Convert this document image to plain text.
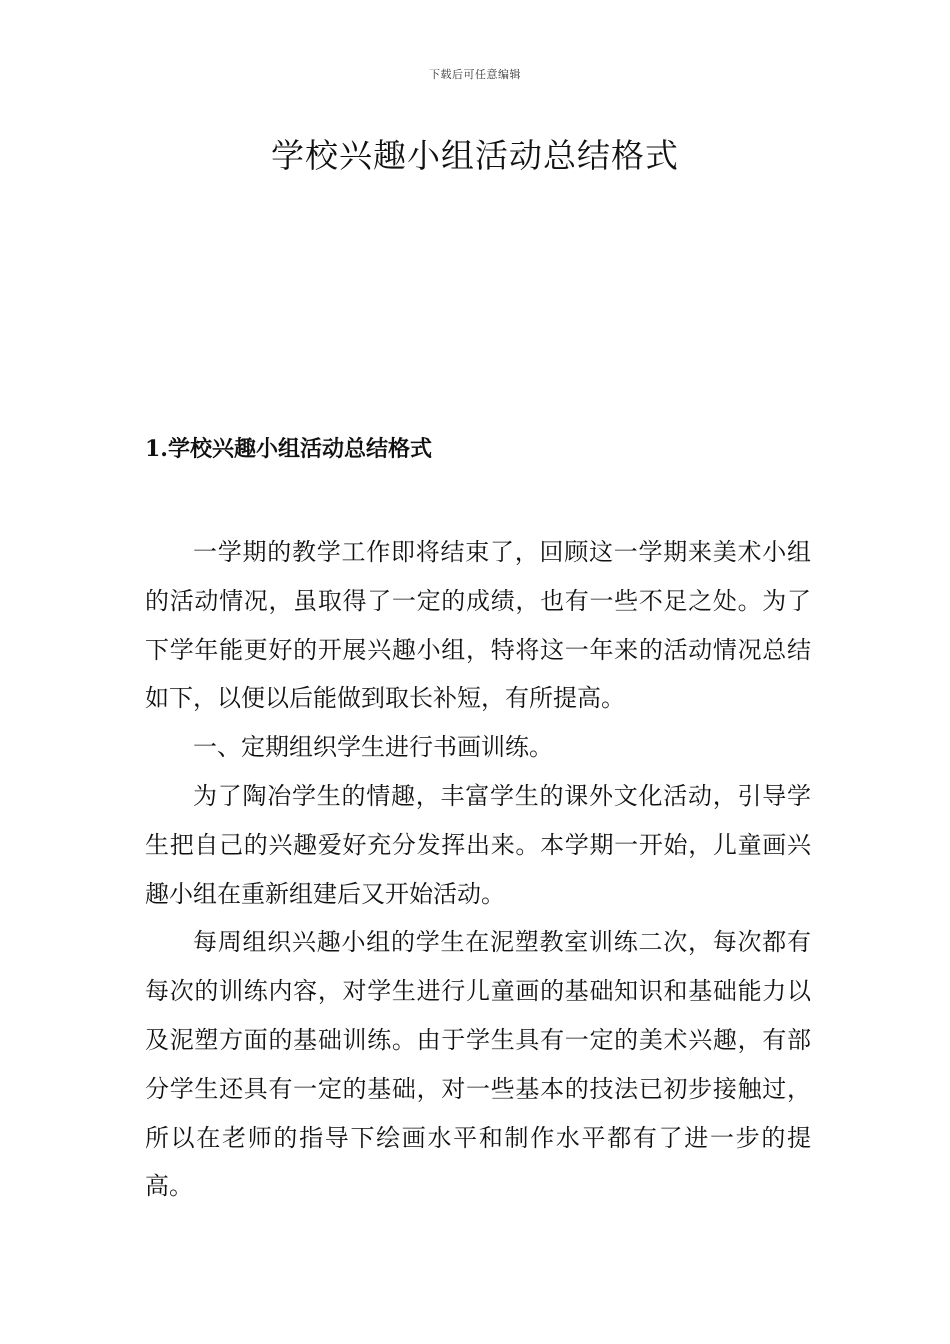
下载后可任意编辑
学校兴趣小组活动总结格式
1.学校兴趣小组活动总结格式

一学期的教学工作即将结束了，回顾这一学期来美术小组的活动情况，虽取得了一定的成绩，也有一些不足之处。为了下学年能更好的开展兴趣小组，特将这一年来的活动情况总结如下，以便以后能做到取长补短，有所提高。

一、定期组织学生进行书画训练。

为了陶冶学生的情趣，丰富学生的课外文化活动，引导学生把自己的兴趣爱好充分发挥出来。本学期一开始，儿童画兴趣小组在重新组建后又开始活动。

每周组织兴趣小组的学生在泥塑教室训练二次，每次都有每次的训练内容，对学生进行儿童画的基础知识和基础能力以及泥塑方面的基础训练。由于学生具有一定的美术兴趣，有部分学生还具有一定的基础，对一些基本的技法已初步接触过，所以在老师的指导下绘画水平和制作水平都有了进一步的提高。
